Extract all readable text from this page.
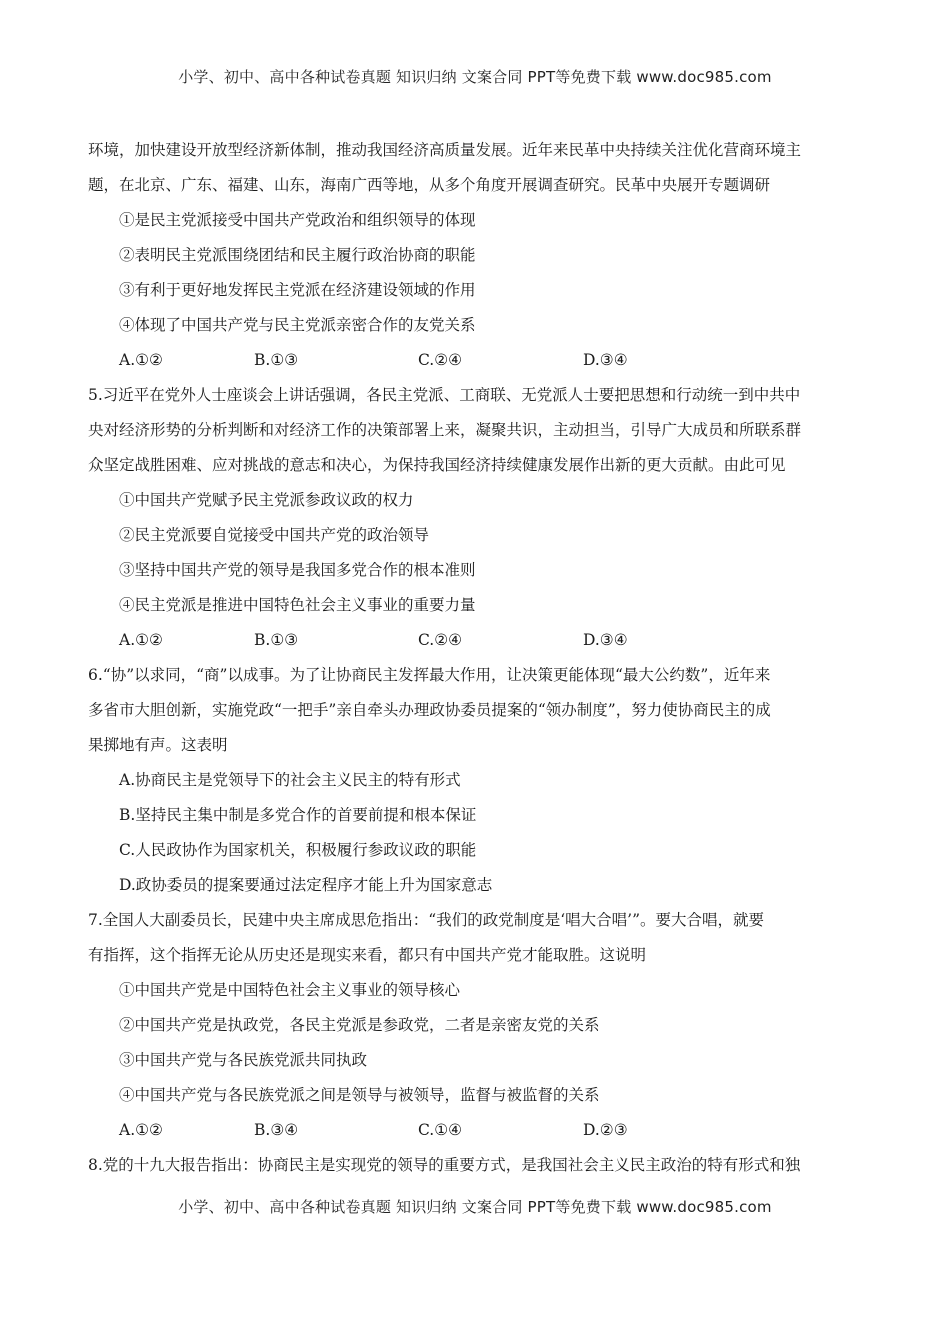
小学、初中、高中各种试卷真题 知识归纳 文案合同 PPT等免费下载 www.doc985.com
环境，加快建设开放型经济新体制，推动我国经济高质量发展。近年来民革中央持续关注优化营商环境主
题，在北京、广东、福建、山东，海南广西等地，从多个角度开展调查研究。民革中央展开专题调研
①是民主党派接受中国共产党政治和组织领导的体现
②表明民主党派围绕团结和民主履行政治协商的职能
③有利于更好地发挥民主党派在经济建设领域的作用
④体现了中国共产党与民主党派亲密合作的友党关系
A.①②	B.①③	C.②④	D.③④
5.习近平在党外人士座谈会上讲话强调，各民主党派、工商联、无党派人士要把思想和行动统一到中共中
央对经济形势的分析判断和对经济工作的决策部署上来，凝聚共识，主动担当，引导广大成员和所联系群
众坚定战胜困难、应对挑战的意志和决心，为保持我国经济持续健康发展作出新的更大贡献。由此可见
①中国共产党赋予民主党派参政议政的权力
②民主党派要自觉接受中国共产党的政治领导
③坚持中国共产党的领导是我国多党合作的根本准则
④民主党派是推进中国特色社会主义事业的重要力量
A.①②	B.①③	C.②④	D.③④
6.“协”以求同，“商”以成事。为了让协商民主发挥最大作用，让决策更能体现“最大公约数”，近年来
多省市大胆创新，实施党政“一把手”亲自牵头办理政协委员提案的“领办制度”，努力使协商民主的成
果掷地有声。这表明
A.协商民主是党领导下的社会主义民主的特有形式
B.坚持民主集中制是多党合作的首要前提和根本保证
C.人民政协作为国家机关，积极履行参政议政的职能
D.政协委员的提案要通过法定程序才能上升为国家意志
7.全国人大副委员长，民建中央主席成思危指出：“我们的政党制度是‘唱大合唱’”。要大合唱，就要
有指挥，这个指挥无论从历史还是现实来看，都只有中国共产党才能取胜。这说明
①中国共产党是中国特色社会主义事业的领导核心
②中国共产党是执政党，各民主党派是参政党，二者是亲密友党的关系
③中国共产党与各民族党派共同执政
④中国共产党与各民族党派之间是领导与被领导，监督与被监督的关系
A.①②	B.③④	C.①④	D.②③
8.党的十九大报告指出：协商民主是实现党的领导的重要方式，是我国社会主义民主政治的特有形式和独
小学、初中、高中各种试卷真题 知识归纳 文案合同 PPT等免费下载 www.doc985.com
